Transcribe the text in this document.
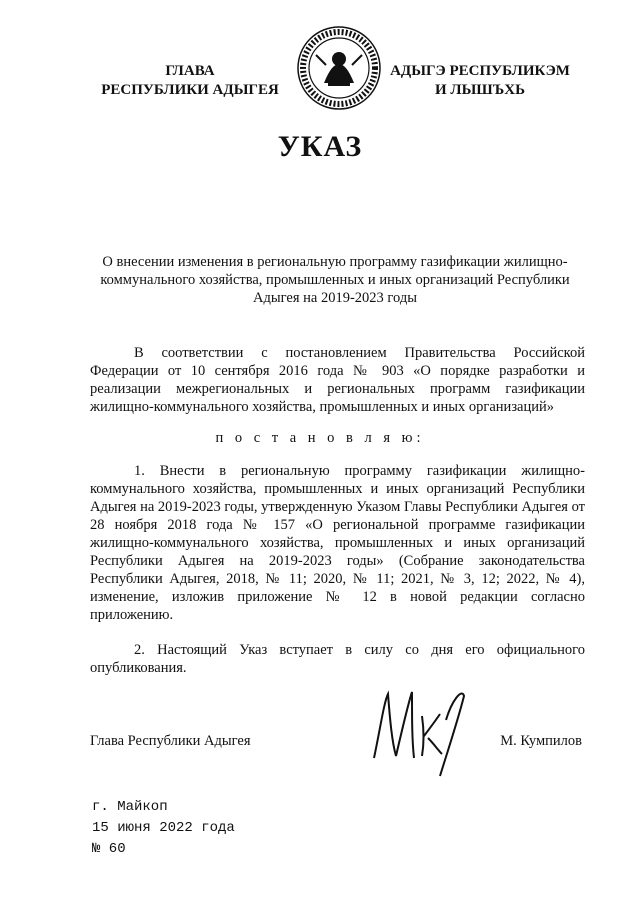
ГЛАВА
РЕСПУБЛИКИ АДЫГЕЯ
АДЫГЭ РЕСПУБЛИКЭМ
И ЛЫШЪХЬ
УКАЗ
О внесении изменения в региональную программу газификации жилищно-коммунального хозяйства, промышленных и иных организаций Республики Адыгея на 2019-2023 годы

В соответствии с постановлением Правительства Российской Федерации от 10 сентября 2016 года № 903 «О порядке разработки и реализации межрегиональных и региональных программ газификации жилищно-коммунального хозяйства, промышленных и иных организаций»

п о с т а н о в л я ю:

1. Внести в региональную программу газификации жилищно-коммунального хозяйства, промышленных и иных организаций Республики Адыгея на 2019-2023 годы, утвержденную Указом Главы Республики Адыгея от 28 ноября 2018 года № 157 «О региональной программе газификации жилищно-коммунального хозяйства, промышленных и иных организаций Республики Адыгея на 2019-2023 годы» (Собрание законодательства Республики Адыгея, 2018, № 11; 2020, № 11; 2021, № 3, 12; 2022, № 4), изменение, изложив приложение № 12 в новой редакции согласно приложению.

2. Настоящий Указ вступает в силу со дня его официального опубликования.

Глава Республики Адыгея	М. Кумпилов
г. Майкоп
15 июня 2022 года
№ 60
